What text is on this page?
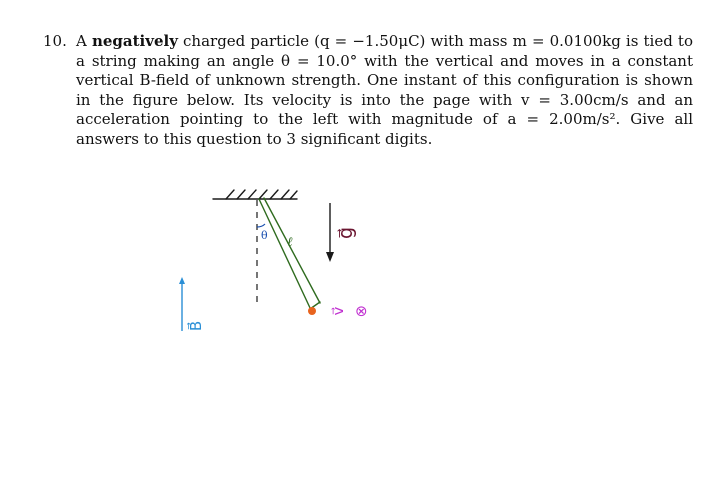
10. A negatively charged particle (q = −1.50μC) with mass m = 0.0100kg is tied to a string making an angle θ = 10.0° with the vertical and moves in a constant vertical B-field of unknown strength. One instant of this configuration is shown in the figure below. Its velocity is into the page with v = 3.00cm/s and an acceleration pointing to the left with magnitude of a = 2.00m/s². Give all answers to this question to 3 significant digits.
θ ℓ
g⃗
B⃗
v⃗ ⊗
